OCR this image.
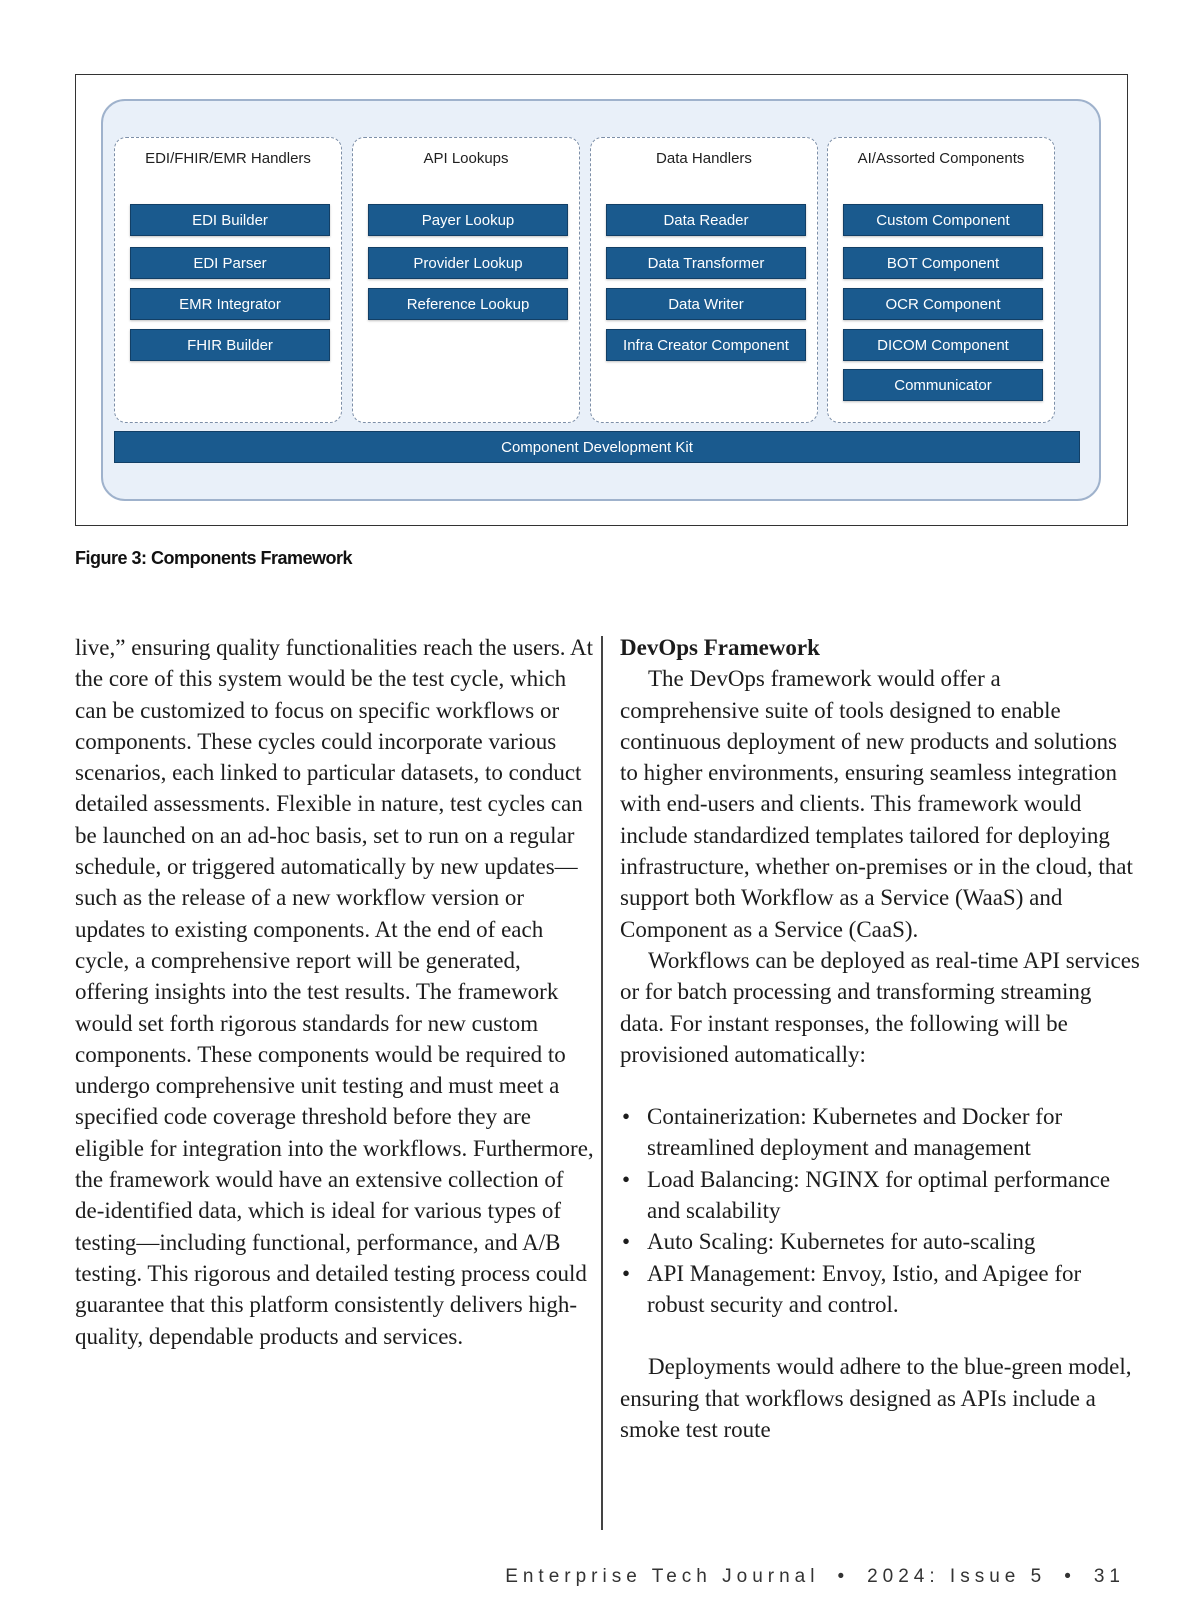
EDI/FHIR/EMR Handlers
EDI Builder
EDI Parser
EMR Integrator
FHIR Builder
API Lookups
Payer Lookup
Provider Lookup
Reference Lookup
Data Handlers
Data Reader
Data Transformer
Data Writer
Infra Creator Component
AI/Assorted Components
Custom Component
BOT Component
OCR Component
DICOM Component
Communicator
Component Development Kit
Figure 3: Components Framework

live,” ensuring quality functionalities reach the users. At the core of this system would be the test cycle, which can be customized to focus on specific workflows or components. These cycles could incorporate various scenarios, each linked to particular datasets, to conduct detailed assessments. Flexible in nature, test cycles can be launched on an ad-hoc basis, set to run on a regular schedule, or triggered automatically by new updates—such as the release of a new workflow version or updates to existing components. At the end of each cycle, a comprehensive report will be generated, offering insights into the test results. The framework would set forth rigorous standards for new custom components. These components would be required to undergo comprehensive unit testing and must meet a specified code coverage threshold before they are eligible for integration into the workflows. Furthermore, the framework would have an extensive collection of de-identified data, which is ideal for various types of testing—including functional, performance, and A/B testing. This rigorous and detailed testing process could guarantee that this platform consistently delivers high-quality, dependable products and services.

DevOps Framework

The DevOps framework would offer a comprehensive suite of tools designed to enable continuous deployment of new products and solutions to higher environments, ensuring seamless integration with end-users and clients. This framework would include standardized templates tailored for deploying infrastructure, whether on-premises or in the cloud, that support both Workflow as a Service (WaaS) and Component as a Service (CaaS).

Workflows can be deployed as real-time API services or for batch processing and transforming streaming data. For instant responses, the following will be provisioned automatically:

• Containerization: Kubernetes and Docker for streamlined deployment and management
• Load Balancing: NGINX for optimal performance and scalability
• Auto Scaling: Kubernetes for auto-scaling
• API Management: Envoy, Istio, and Apigee for robust security and control.

Deployments would adhere to the blue-green model, ensuring that workflows designed as APIs include a smoke test route

Enterprise Tech Journal • 2024: Issue 5 • 31
